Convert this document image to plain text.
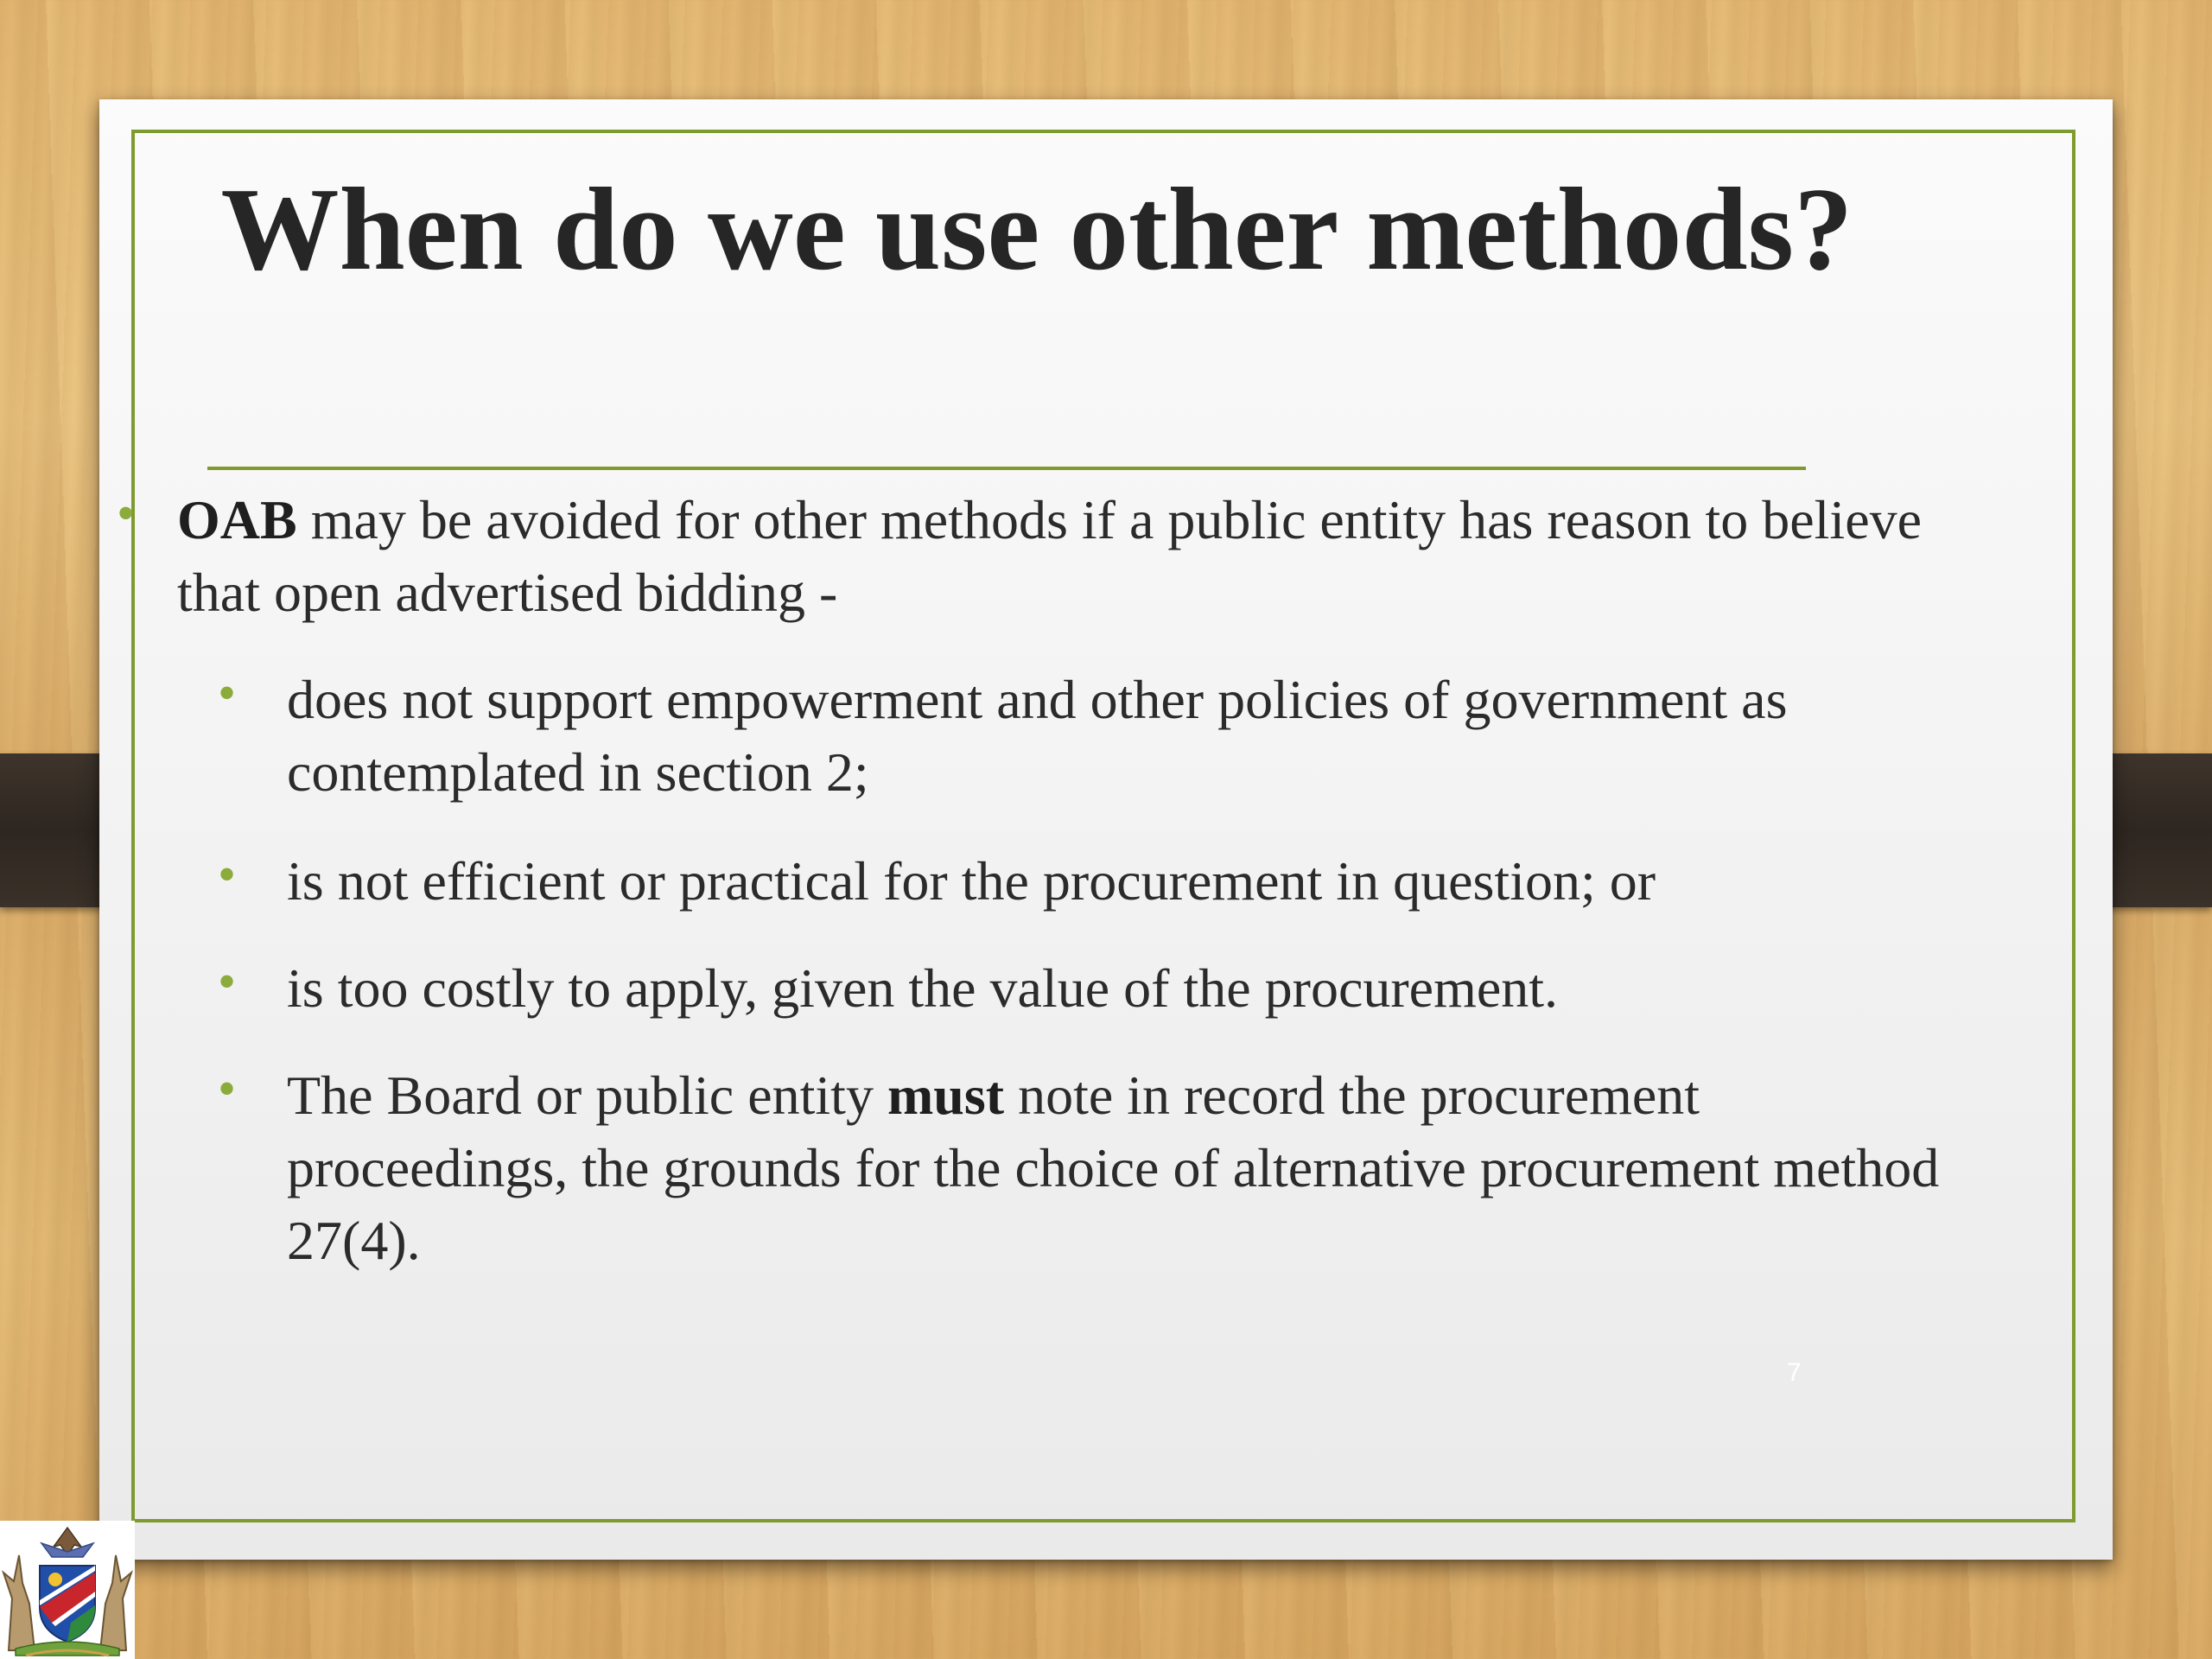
When do we use other methods?
• OAB may be avoided for other methods if a public entity has reason to believe that open advertised bidding -
• does not support empowerment and other policies of government as contemplated in section 2;
• is not efficient or practical for the procurement in question; or
• is too costly to apply, given the value of the procurement.
• The Board or public entity must note in record the procurement proceedings, the grounds for the choice of alternative procurement method 27(4).
7
